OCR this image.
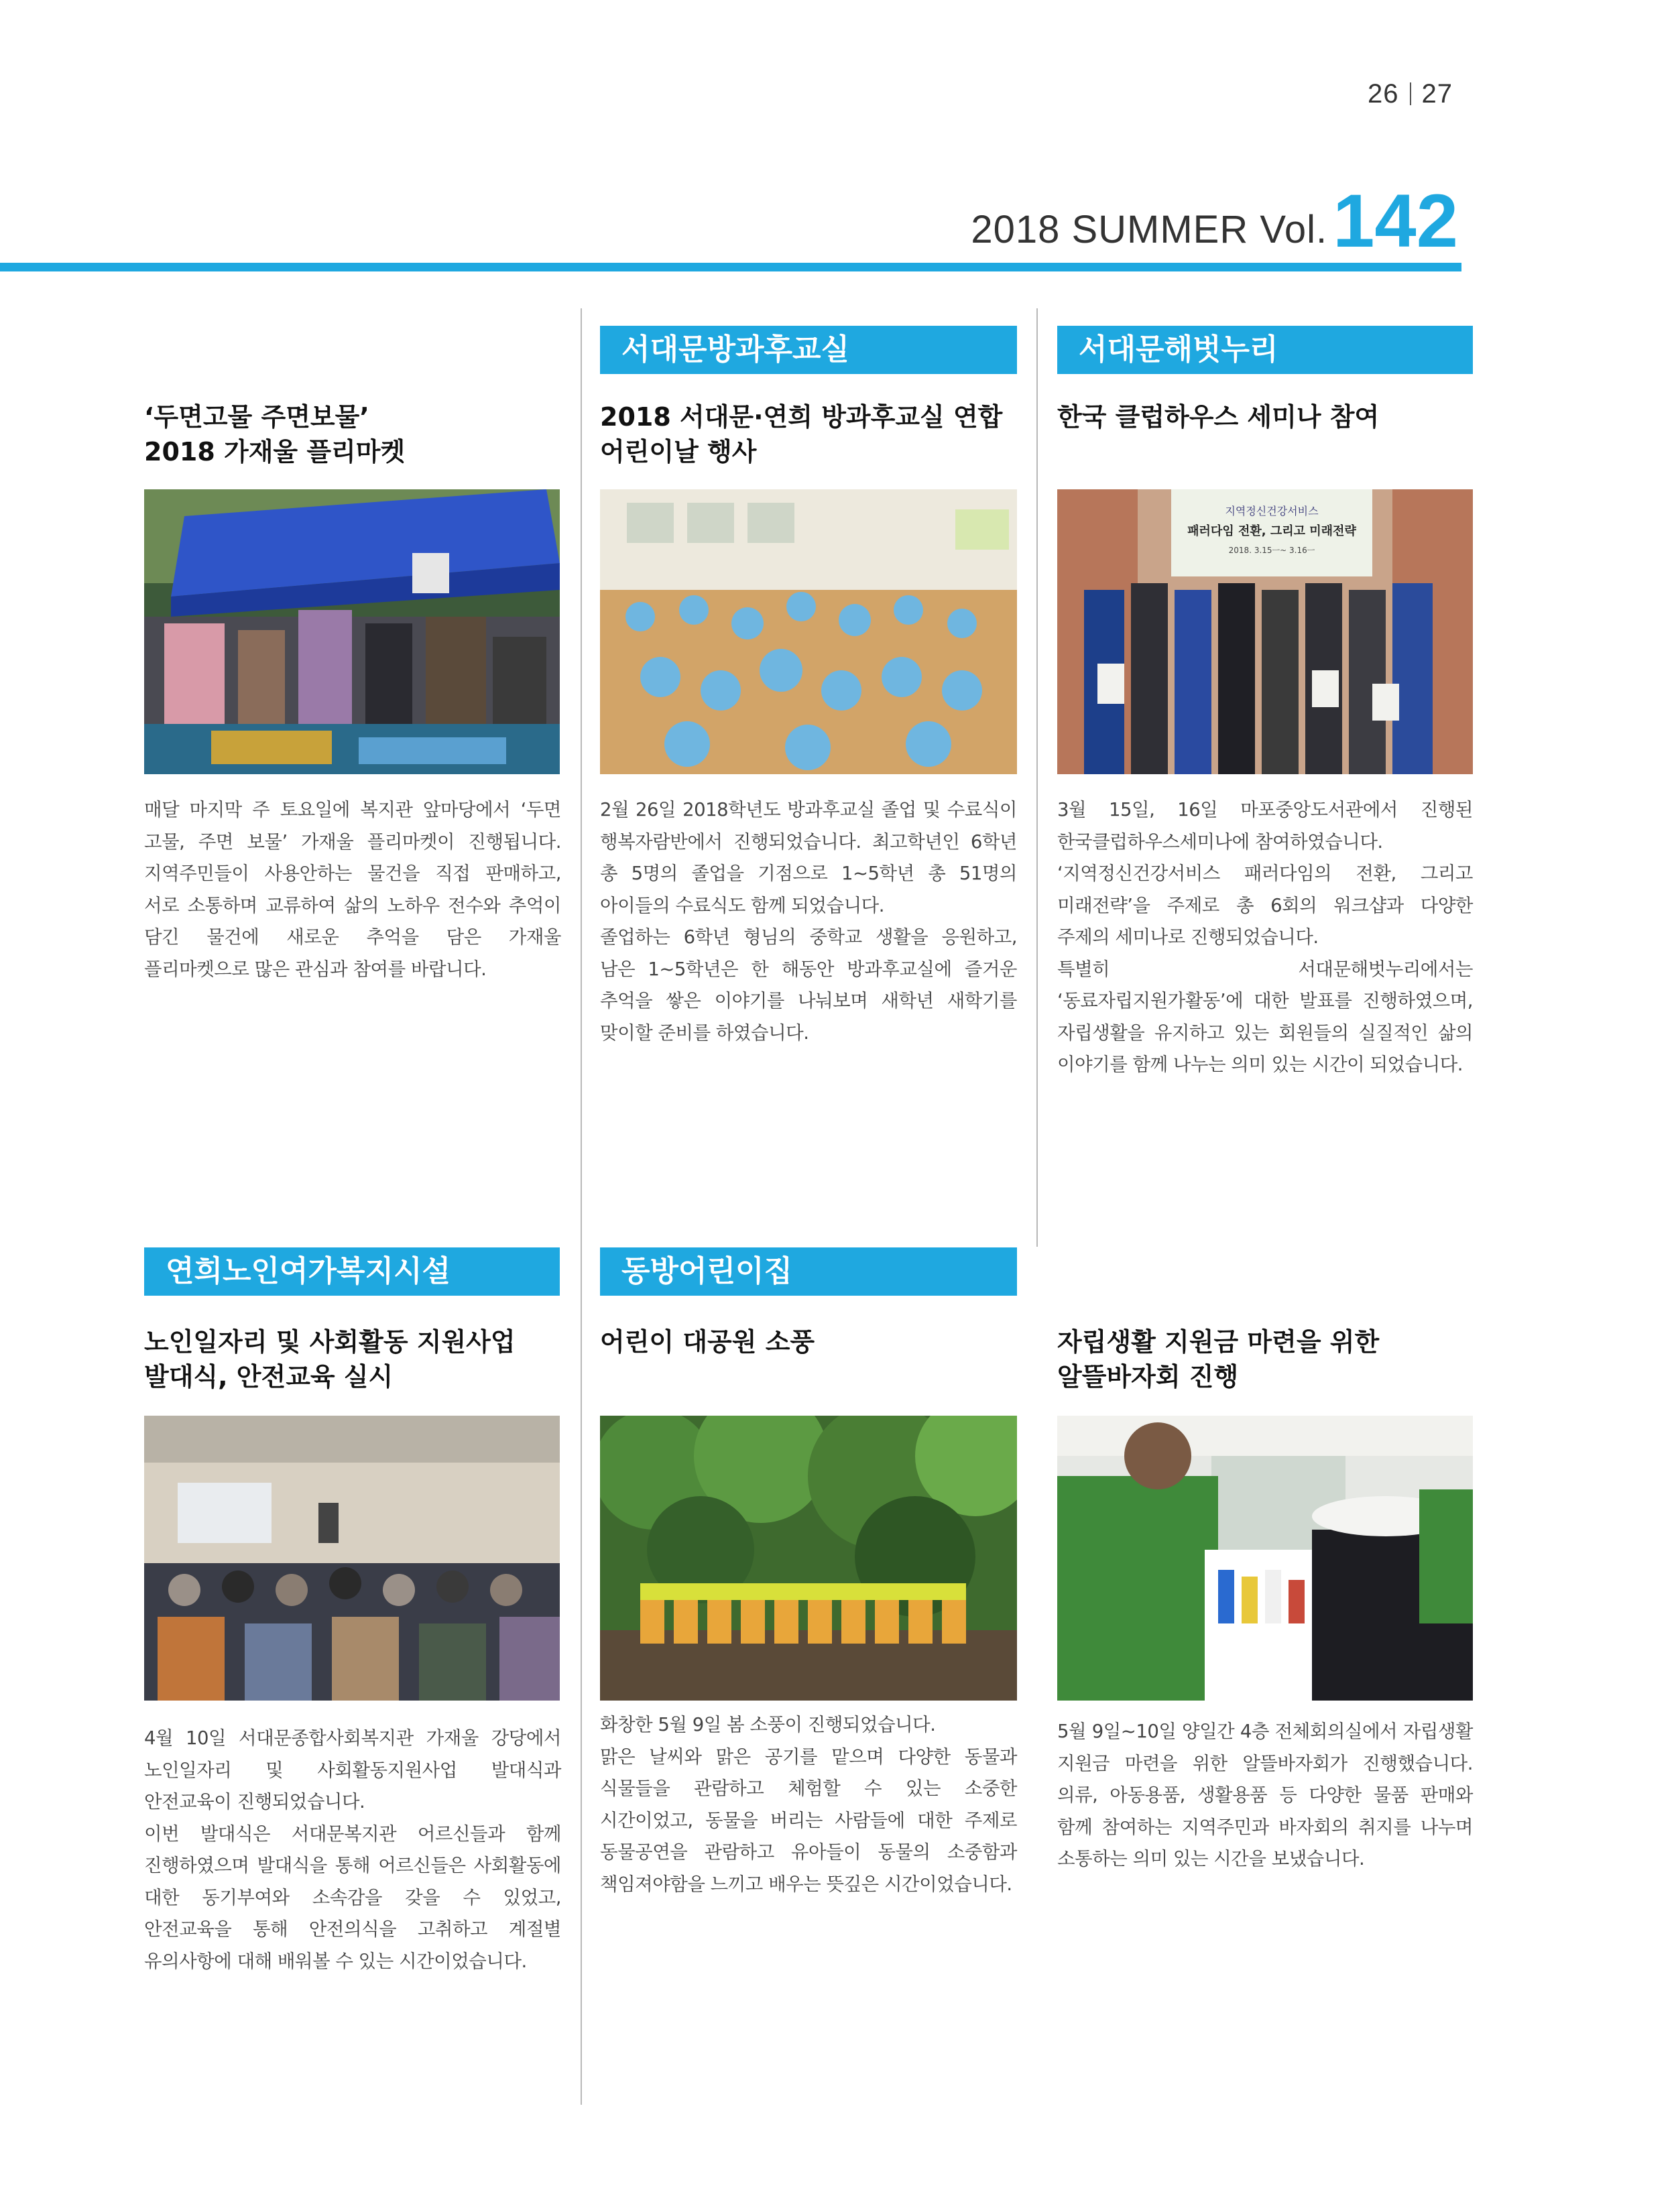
26 27
2018 SUMMER Vol.142
‘두면고물 주면보물’
2018 가재울 플리마켓

매달 마지막 주 토요일에 복지관 앞마당에서 ‘두면 고물, 주면 보물’ 가재울 플리마켓이 진행됩니다. 지역주민들이 사용안하는 물건을 직접 판매하고, 서로 소통하며 교류하여 삶의 노하우 전수와 추억이 담긴 물건에 새로운 추억을 담은 가재울 플리마켓으로 많은 관심과 참여를 바랍니다.

서대문방과후교실
2018 서대문·연희 방과후교실 연합
어린이날 행사

2월 26일 2018학년도 방과후교실 졸업 및 수료식이 행복자람반에서 진행되었습니다. 최고학년인 6학년 총 5명의 졸업을 기점으로 1~5학년 총 51명의 아이들의 수료식도 함께 되었습니다.

졸업하는 6학년 형님의 중학교 생활을 응원하고, 남은 1~5학년은 한 해동안 방과후교실에 즐거운 추억을 쌓은 이야기를 나눠보며 새학년 새학기를 맞이할 준비를 하였습니다.

서대문해벗누리
한국 클럽하우스 세미나 참여
지역정신건강서비스
패러다임 전환, 그리고 미래전략
2018. 3.15ㅡ~ 3.16ㅡ

3월 15일, 16일 마포중앙도서관에서 진행된 한국클럽하우스세미나에 참여하였습니다.

‘지역정신건강서비스 패러다임의 전환, 그리고 미래전략’을 주제로 총 6회의 워크샵과 다양한 주제의 세미나로 진행되었습니다.

특별히 서대문해벗누리에서는 ‘동료자립지원가활동’에 대한 발표를 진행하였으며, 자립생활을 유지하고 있는 회원들의 실질적인 삶의 이야기를 함께 나누는 의미 있는 시간이 되었습니다.

연희노인여가복지시설
노인일자리 및 사회활동 지원사업
발대식, 안전교육 실시

4월 10일 서대문종합사회복지관 가재울 강당에서 노인일자리 및 사회활동지원사업 발대식과 안전교육이 진행되었습니다.

이번 발대식은 서대문복지관 어르신들과 함께 진행하였으며 발대식을 통해 어르신들은 사회활동에 대한 동기부여와 소속감을 갖을 수 있었고, 안전교육을 통해 안전의식을 고취하고 계절별 유의사항에 대해 배워볼 수 있는 시간이었습니다.

동방어린이집
어린이 대공원 소풍

화창한 5월 9일 봄 소풍이 진행되었습니다.

맑은 날씨와 맑은 공기를 맡으며 다양한 동물과 식물들을 관람하고 체험할 수 있는 소중한 시간이었고, 동물을 버리는 사람들에 대한 주제로 동물공연을 관람하고 유아들이 동물의 소중함과 책임져야함을 느끼고 배우는 뜻깊은 시간이었습니다.

자립생활 지원금 마련을 위한
알뜰바자회 진행

5월 9일~10일 양일간 4층 전체회의실에서 자립생활 지원금 마련을 위한 알뜰바자회가 진행했습니다. 의류, 아동용품, 생활용품 등 다양한 물품 판매와 함께 참여하는 지역주민과 바자회의 취지를 나누며 소통하는 의미 있는 시간을 보냈습니다.
